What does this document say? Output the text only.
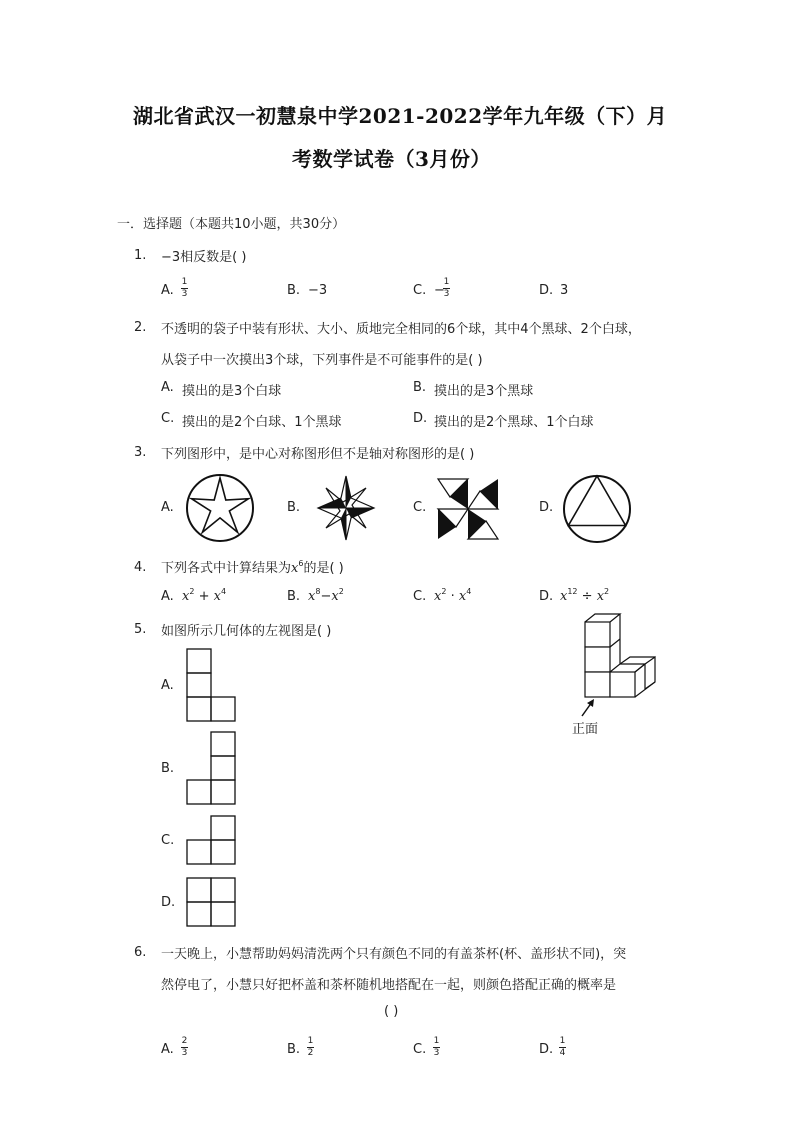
湖北省武汉一初慧泉中学2021-2022学年九年级（下）月
考数学试卷（3月份）
一．选择题（本题共10小题，共30分）
1. −3相反数是( )
A.
1
3	B. −3	C. −
1
3	D. 3
2. 不透明的袋子中装有形状、大小、质地完全相同的6个球，其中4个黑球、2个白球，
从袋子中一次摸出3个球，下列事件是不可能事件的是( )
A. 摸出的是3个白球	B. 摸出的是3个黑球
C. 摸出的是2个白球、1个黑球	D. 摸出的是2个黑球、1个白球
3. 下列图形中，是中心对称图形但不是轴对称图形的是( )
A.	B.	C.	D.
4. 下列各式中计算结果为$x^6$的是( )
A. $x^2 + x^4$	B. $x^8-x^2$	C. $x^2 \cdot x^4$	D. $x^{12} \div x^2$
5. 如图所示几何体的左视图是( )
正面
A.
B.
C.
D.
6. 一天晚上，小慧帮助妈妈清洗两个只有颜色不同的有盖茶杯(杯、盖形状不同)，突
然停电了，小慧只好把杯盖和茶杯随机地搭配在一起，则颜色搭配正确的概率是
( )
A.
2
3	B.
1
2	C.
1
3	D.
1
4
